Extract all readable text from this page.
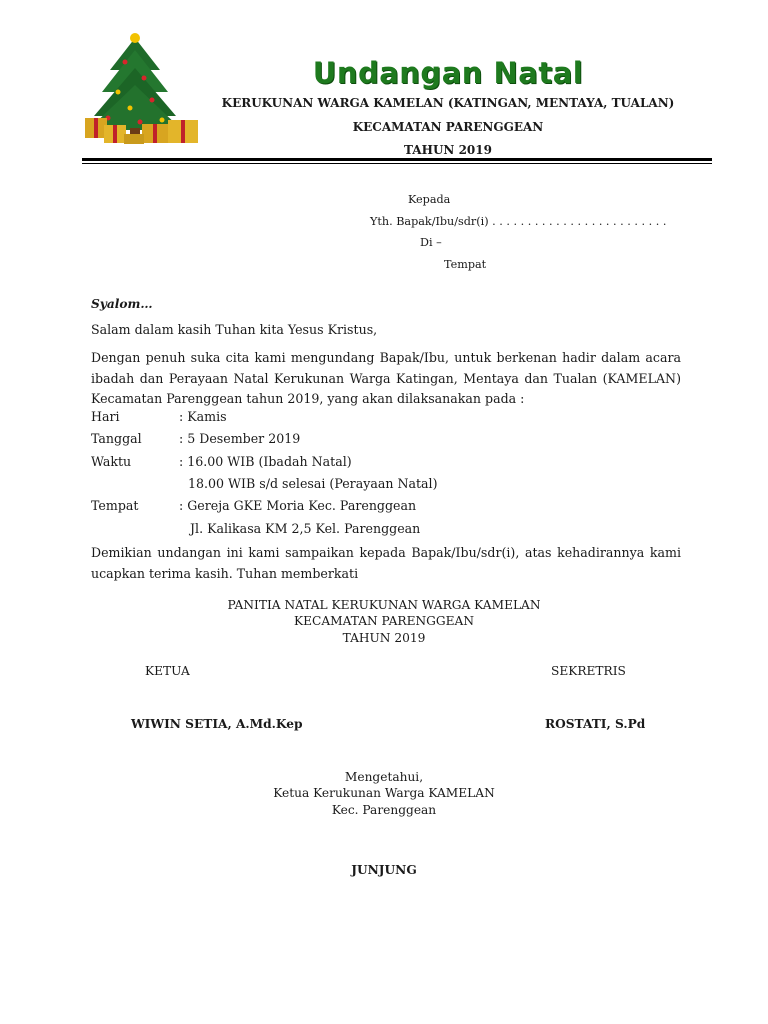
Undangan Natal
KERUKUNAN WARGA KAMELAN (KATINGAN, MENTAYA, TUALAN)
KECAMATAN PARENGGEAN
TAHUN 2019
Kepada
Yth. Bapak/Ibu/sdr(i) . . . . . . . . . . . . . . . . . . . . . . . . .
Di –
Tempat
Syalom…
Salam dalam kasih Tuhan kita Yesus Kristus,
Dengan penuh suka cita kami mengundang Bapak/Ibu, untuk berkenan hadir dalam acara ibadah dan Perayaan Natal Kerukunan Warga Katingan, Mentaya dan Tualan (KAMELAN) Kecamatan Parenggean tahun 2019, yang akan dilaksanakan pada :
Hari	: Kamis
Tanggal	: 5 Desember 2019
Waktu	: 16.00 WIB (Ibadah Natal)
18.00 WIB s/d selesai (Perayaan Natal)
Tempat	: Gereja GKE Moria Kec. Parenggean
Jl. Kalikasa KM 2,5 Kel. Parenggean
Demikian undangan ini kami sampaikan kepada Bapak/Ibu/sdr(i), atas kehadirannya kami ucapkan terima kasih. Tuhan memberkati
PANITIA NATAL KERUKUNAN WARGA KAMELAN
KECAMATAN PARENGGEAN
TAHUN 2019
KETUA	SEKRETRIS
WIWIN SETIA, A.Md.Kep	ROSTATI, S.Pd
Mengetahui,
Ketua Kerukunan Warga KAMELAN
Kec. Parenggean
JUNJUNG
